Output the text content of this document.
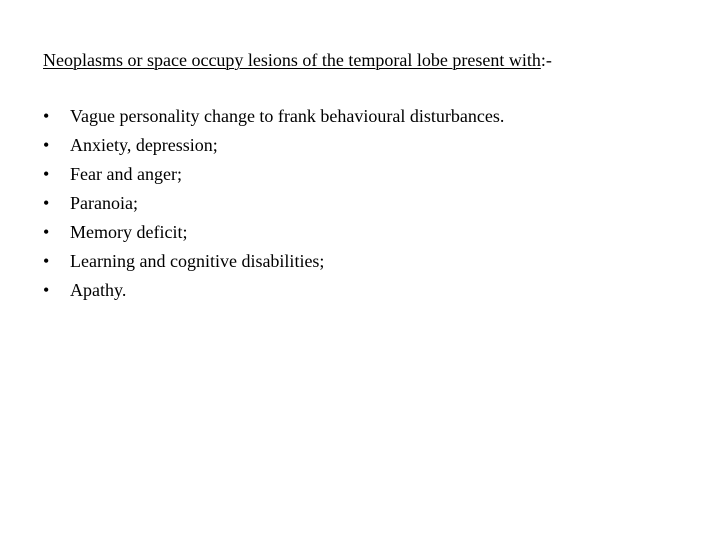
Neoplasms or space occupy lesions of the temporal lobe present with:-
•	Vague personality change to frank behavioural disturbances.
•	Anxiety, depression;
•	Fear and anger;
•	Paranoia;
•	Memory deficit;
•	Learning and cognitive disabilities;
•	Apathy.
